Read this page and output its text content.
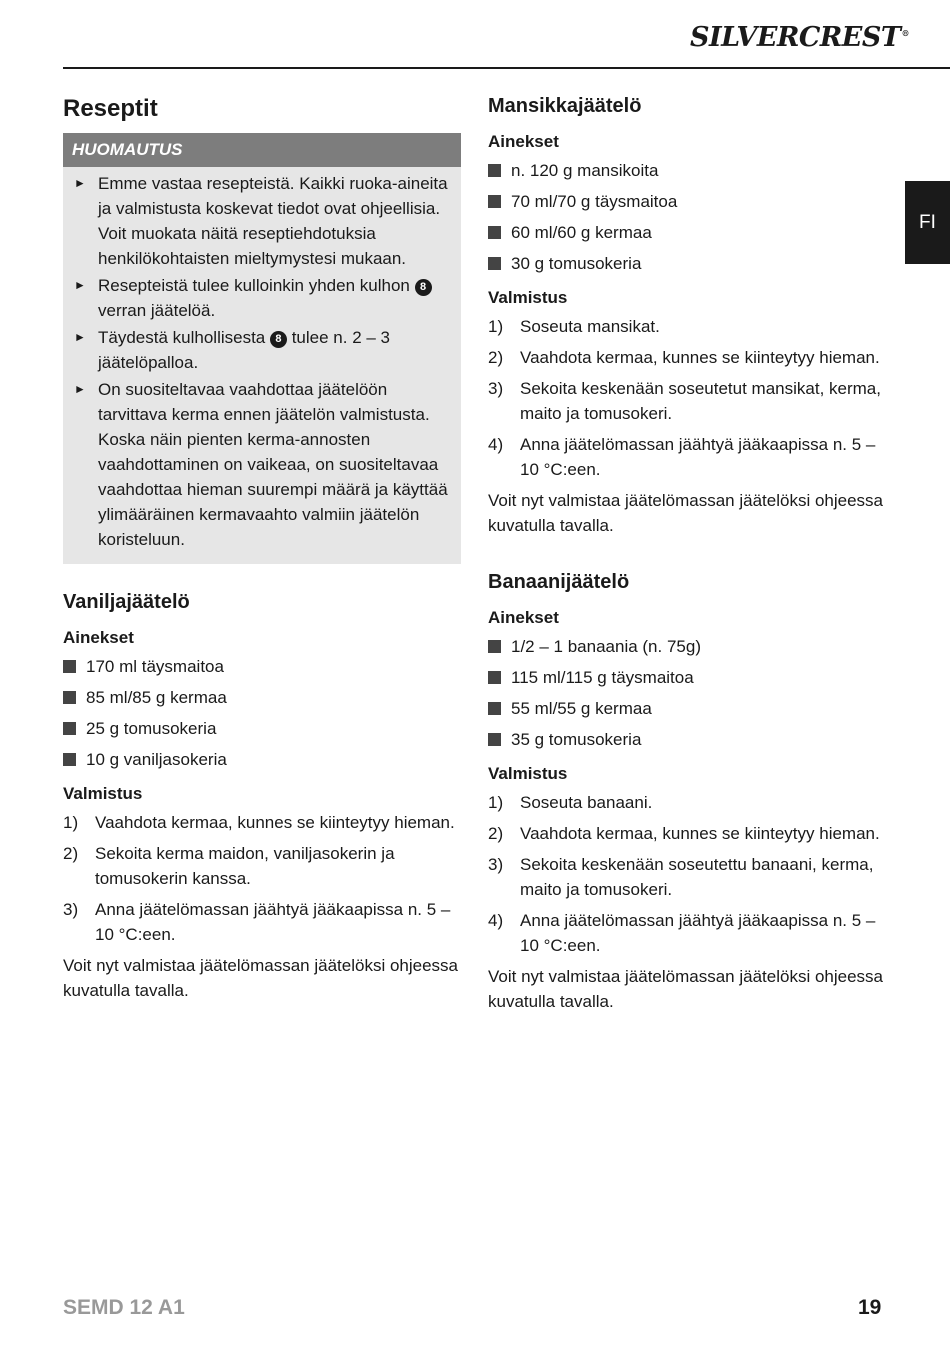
SILVERCREST®
FI
Reseptit
HUOMAUTUS
► Emme vastaa resepteistä. Kaikki ruoka-aineita ja valmistusta koskevat tiedot ovat ohjeellisia. Voit muokata näitä reseptiehdotuksia henkilökohtaisten mieltymystesi mukaan.
► Resepteistä tulee kulloinkin yhden kulhon 8 verran jäätelöä.
► Täydestä kulhollisesta 8 tulee n. 2 – 3 jäätelöpalloa.
► On suositeltavaa vaahdottaa jäätelöön tarvittava kerma ennen jäätelön valmistusta. Koska näin pienten kerma-annosten vaahdottaminen on vaikeaa, on suositeltavaa vaahdottaa hieman suurempi määrä ja käyttää ylimääräinen kermavaahto valmiin jäätelön koristeluun.
Vaniljajäätelö
Ainekset
170 ml täysmaitoa
85 ml/85 g kermaa
25 g tomusokeria
10 g vaniljasokeria
Valmistus
1) Vaahdota kermaa, kunnes se kiinteytyy hieman.
2) Sekoita kerma maidon, vaniljasokerin ja tomusokerin kanssa.
3) Anna jäätelömassan jäähtyä jääkaapissa n. 5 – 10 °C:een.

Voit nyt valmistaa jäätelömassan jäätelöksi ohjeessa kuvatulla tavalla.

Mansikkajäätelö
Ainekset
n. 120 g mansikoita
70 ml/70 g täysmaitoa
60 ml/60 g kermaa
30 g tomusokeria
Valmistus
1) Soseuta mansikat.
2) Vaahdota kermaa, kunnes se kiinteytyy hieman.
3) Sekoita keskenään soseutetut mansikat, kerma, maito ja tomusokeri.
4) Anna jäätelömassan jäähtyä jääkaapissa n. 5 – 10 °C:een.

Voit nyt valmistaa jäätelömassan jäätelöksi ohjeessa kuvatulla tavalla.

Banaanijäätelö
Ainekset
1/2 – 1 banaania (n. 75g)
115 ml/115 g täysmaitoa
55 ml/55 g kermaa
35 g tomusokeria
Valmistus
1) Soseuta banaani.
2) Vaahdota kermaa, kunnes se kiinteytyy hieman.
3) Sekoita keskenään soseutettu banaani, kerma, maito ja tomusokeri.
4) Anna jäätelömassan jäähtyä jääkaapissa n. 5 – 10 °C:een.

Voit nyt valmistaa jäätelömassan jäätelöksi ohjeessa kuvatulla tavalla.

SEMD 12 A1	19
